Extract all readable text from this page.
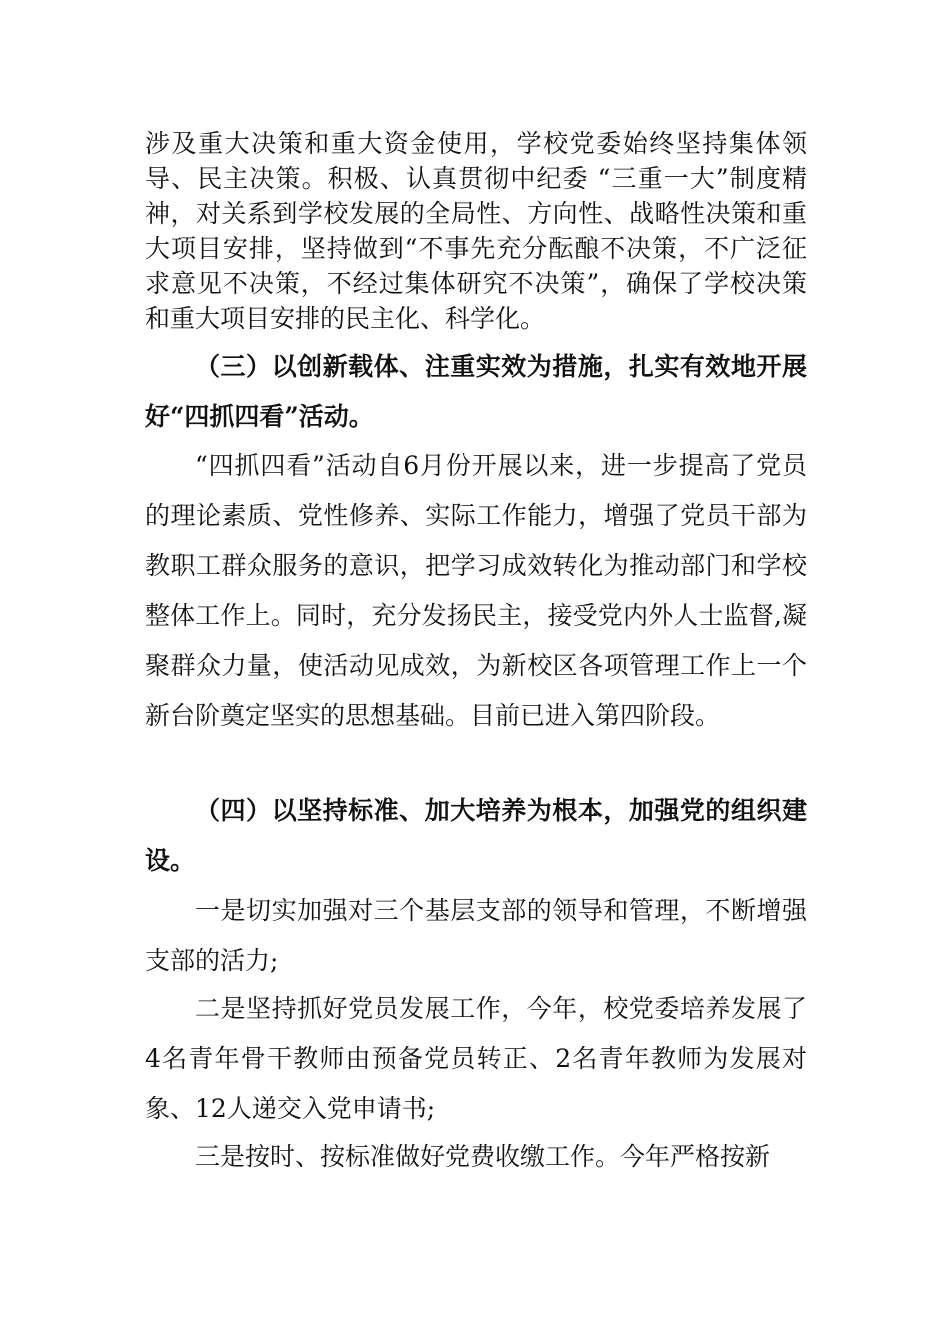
涉及重大决策和重大资金使用，学校党委始终坚持集体领导、民主决策。积极、认真贯彻中纪委 “三重一大”制度精神，对关系到学校发展的全局性、方向性、战略性决策和重大项目安排，坚持做到“不事先充分酝酿不决策，不广泛征求意见不决策，不经过集体研究不决策”，确保了学校决策和重大项目安排的民主化、科学化。

（三）以创新载体、注重实效为措施，扎实有效地开展好“四抓四看”活动。

“四抓四看”活动自6月份开展以来，进一步提高了党员的理论素质、党性修养、实际工作能力，增强了党员干部为教职工群众服务的意识，把学习成效转化为推动部门和学校整体工作上。同时，充分发扬民主，接受党内外人士监督,凝聚群众力量，使活动见成效，为新校区各项管理工作上一个新台阶奠定坚实的思想基础。目前已进入第四阶段。

（四）以坚持标准、加大培养为根本，加强党的组织建设。

一是切实加强对三个基层支部的领导和管理，不断增强支部的活力;

二是坚持抓好党员发展工作，今年，校党委培养发展了4名青年骨干教师由预备党员转正、2名青年教师为发展对象、12人递交入党申请书;

三是按时、按标准做好党费收缴工作。今年严格按新
